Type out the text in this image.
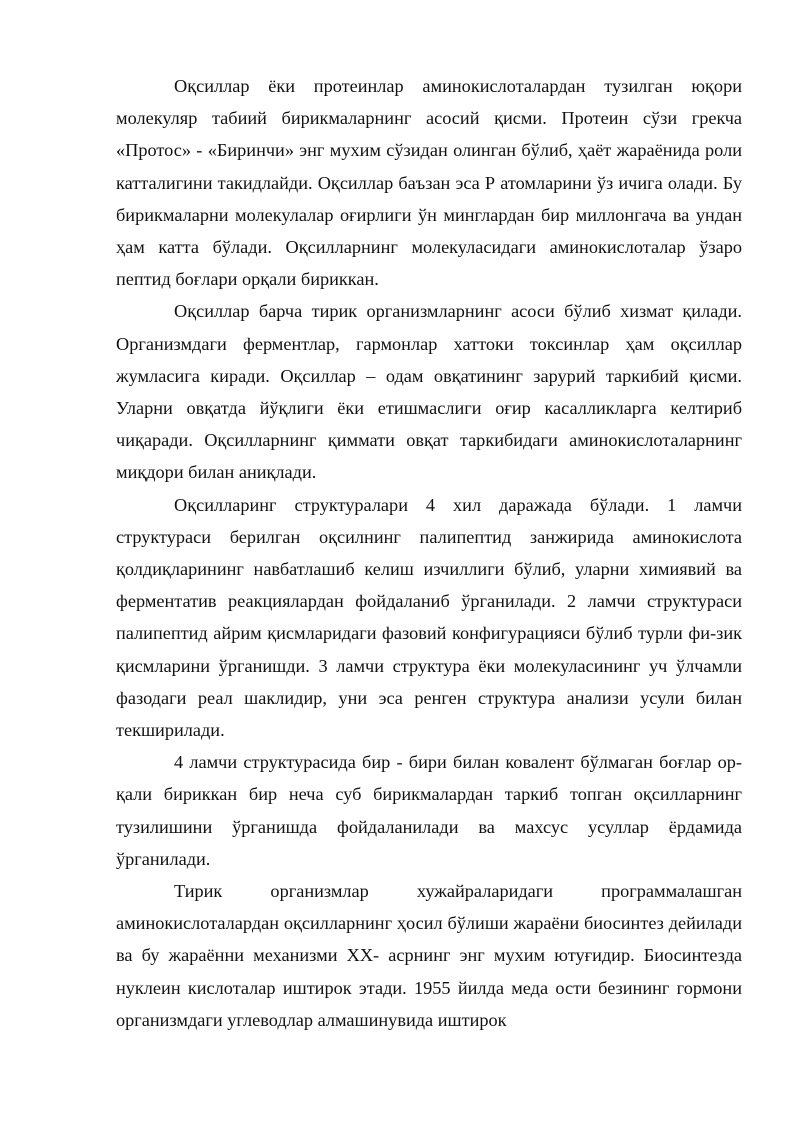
Оқсиллар ёки протеинлар аминокислоталардан тузилган юқори молекуляр табиий бирикмаларнинг асосий қисми. Протеин сўзи грекча «Протос» - «Биринчи» энг мухим сўзидан олинган бўлиб, ҳаёт жараёнида роли катталигини такидлайди. Оқсиллар баъзан эса Р атомларини ўз ичига олади. Бу бирикмаларни молекулалар оғирлиги ўн минглардан бир миллонгача ва ундан ҳам катта бўлади. Оқсилларнинг молекуласидаги аминокислоталар ўзаро пептид боғлари орқали бириккан.

Оқсиллар барча тирик организмларнинг асоси бўлиб хизмат қилади. Организмдаги ферментлар, гармонлар хаттоки токсинлар ҳам оқсиллар жумласига киради. Оқсиллар – одам овқатининг зарурий таркибий қисми. Уларни овқатда йўқлиги ёки етишмаслиги оғир касалликларга келтириб чиқаради. Оқсилларнинг қиммати овқат таркибидаги аминокислоталарнинг миқдори билан аниқлади.

Оқсилларинг структуралари 4 хил даражада бўлади. 1 ламчи структураси берилган оқсилнинг палипептид занжирида аминокислота қолдиқларининг навбатлашиб келиш изчиллиги бўлиб, уларни химиявий ва ферментатив реакциялардан фойдаланиб ўрганилади. 2 ламчи структураси палипептид айрим қисмларидаги фазовий конфигурацияси бўлиб турли фи-зик қисмларини ўрганишди. 3 ламчи структура ёки молекуласининг уч ўлчамли фазодаги реал шаклидир, уни эса ренген структура анализи усули билан текширилади.

4 ламчи структурасида бир - бири билан ковалент бўлмаган боғлар ор-қали бириккан бир неча суб бирикмалардан таркиб топган оқсилларнинг тузилишини ўрганишда фойдаланилади ва махсус усуллар ёрдамида ўрганилади.

Тирик организмлар хужайраларидаги программалашган аминокислоталардан оқсилларнинг ҳосил бўлиши жараёни биосинтез дейилади ва бу жараённи механизми ХХ- асрнинг энг мухим ютуғидир. Биосинтезда нуклеин кислоталар иштирок этади. 1955 йилда меда ости безининг гормони организмдаги углеводлар алмашинувида иштирок
